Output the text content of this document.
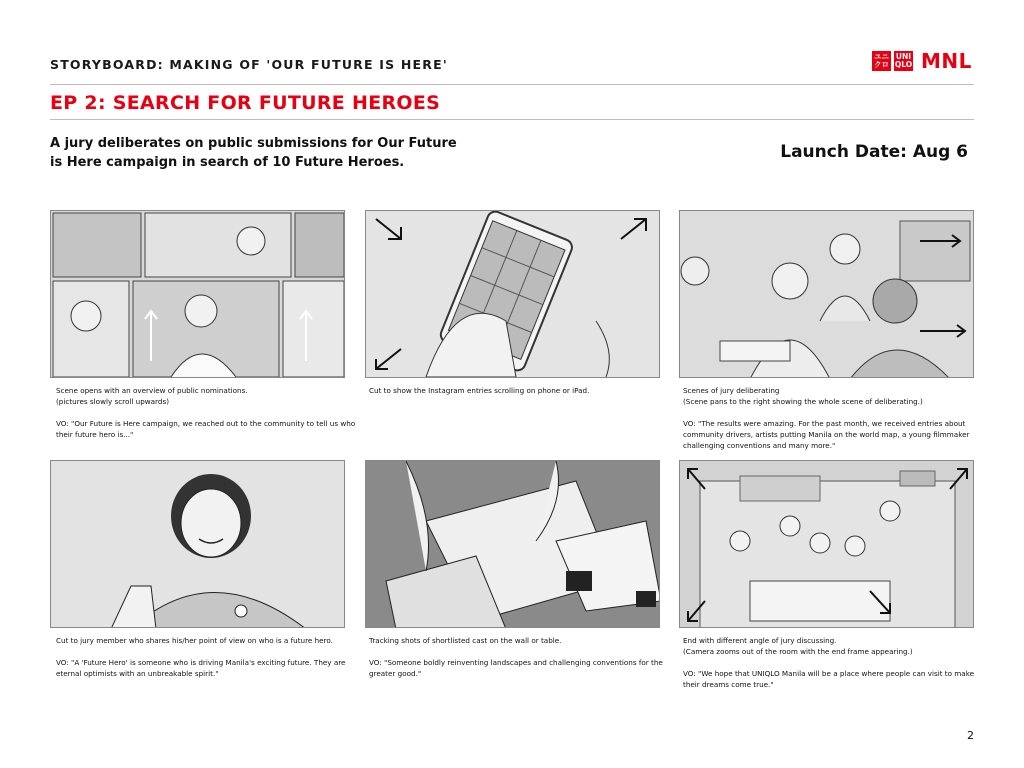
STORYBOARD: MAKING OF 'OUR FUTURE IS HERE'
ユニ
クロ
UNI
QLO MNL
EP 2: SEARCH FOR FUTURE HEROES
A jury deliberates on public submissions for Our Future is Here campaign in search of 10 Future Heroes.
Launch Date: Aug 6

Scene opens with an overview of public nominations.
(pictures slowly scroll upwards)

VO: "Our Future is Here campaign, we reached out to the community to tell us who their future hero is..."

Cut to show the Instagram entries scrolling on phone or iPad.	Scenes of jury deliberating
(Scene pans to the right showing the whole scene of deliberating.)

VO: "The results were amazing. For the past month, we received entries about community drivers, artists putting Manila on the world map, a young filmmaker challenging conventions and many more."

Cut to jury member who shares his/her point of view on who is a future hero.

VO: "A 'Future Hero' is someone who is driving Manila's exciting future. They are eternal optimists with an unbreakable spirit."

Tracking shots of shortlisted cast on the wall or table.

VO: "Someone boldly reinventing landscapes and challenging conventions for the greater good."

End with different angle of jury discussing.
(Camera zooms out of the room with the end frame appearing.)

VO: "We hope that UNIQLO Manila will be a place where people can visit to make their dreams come true."

2
